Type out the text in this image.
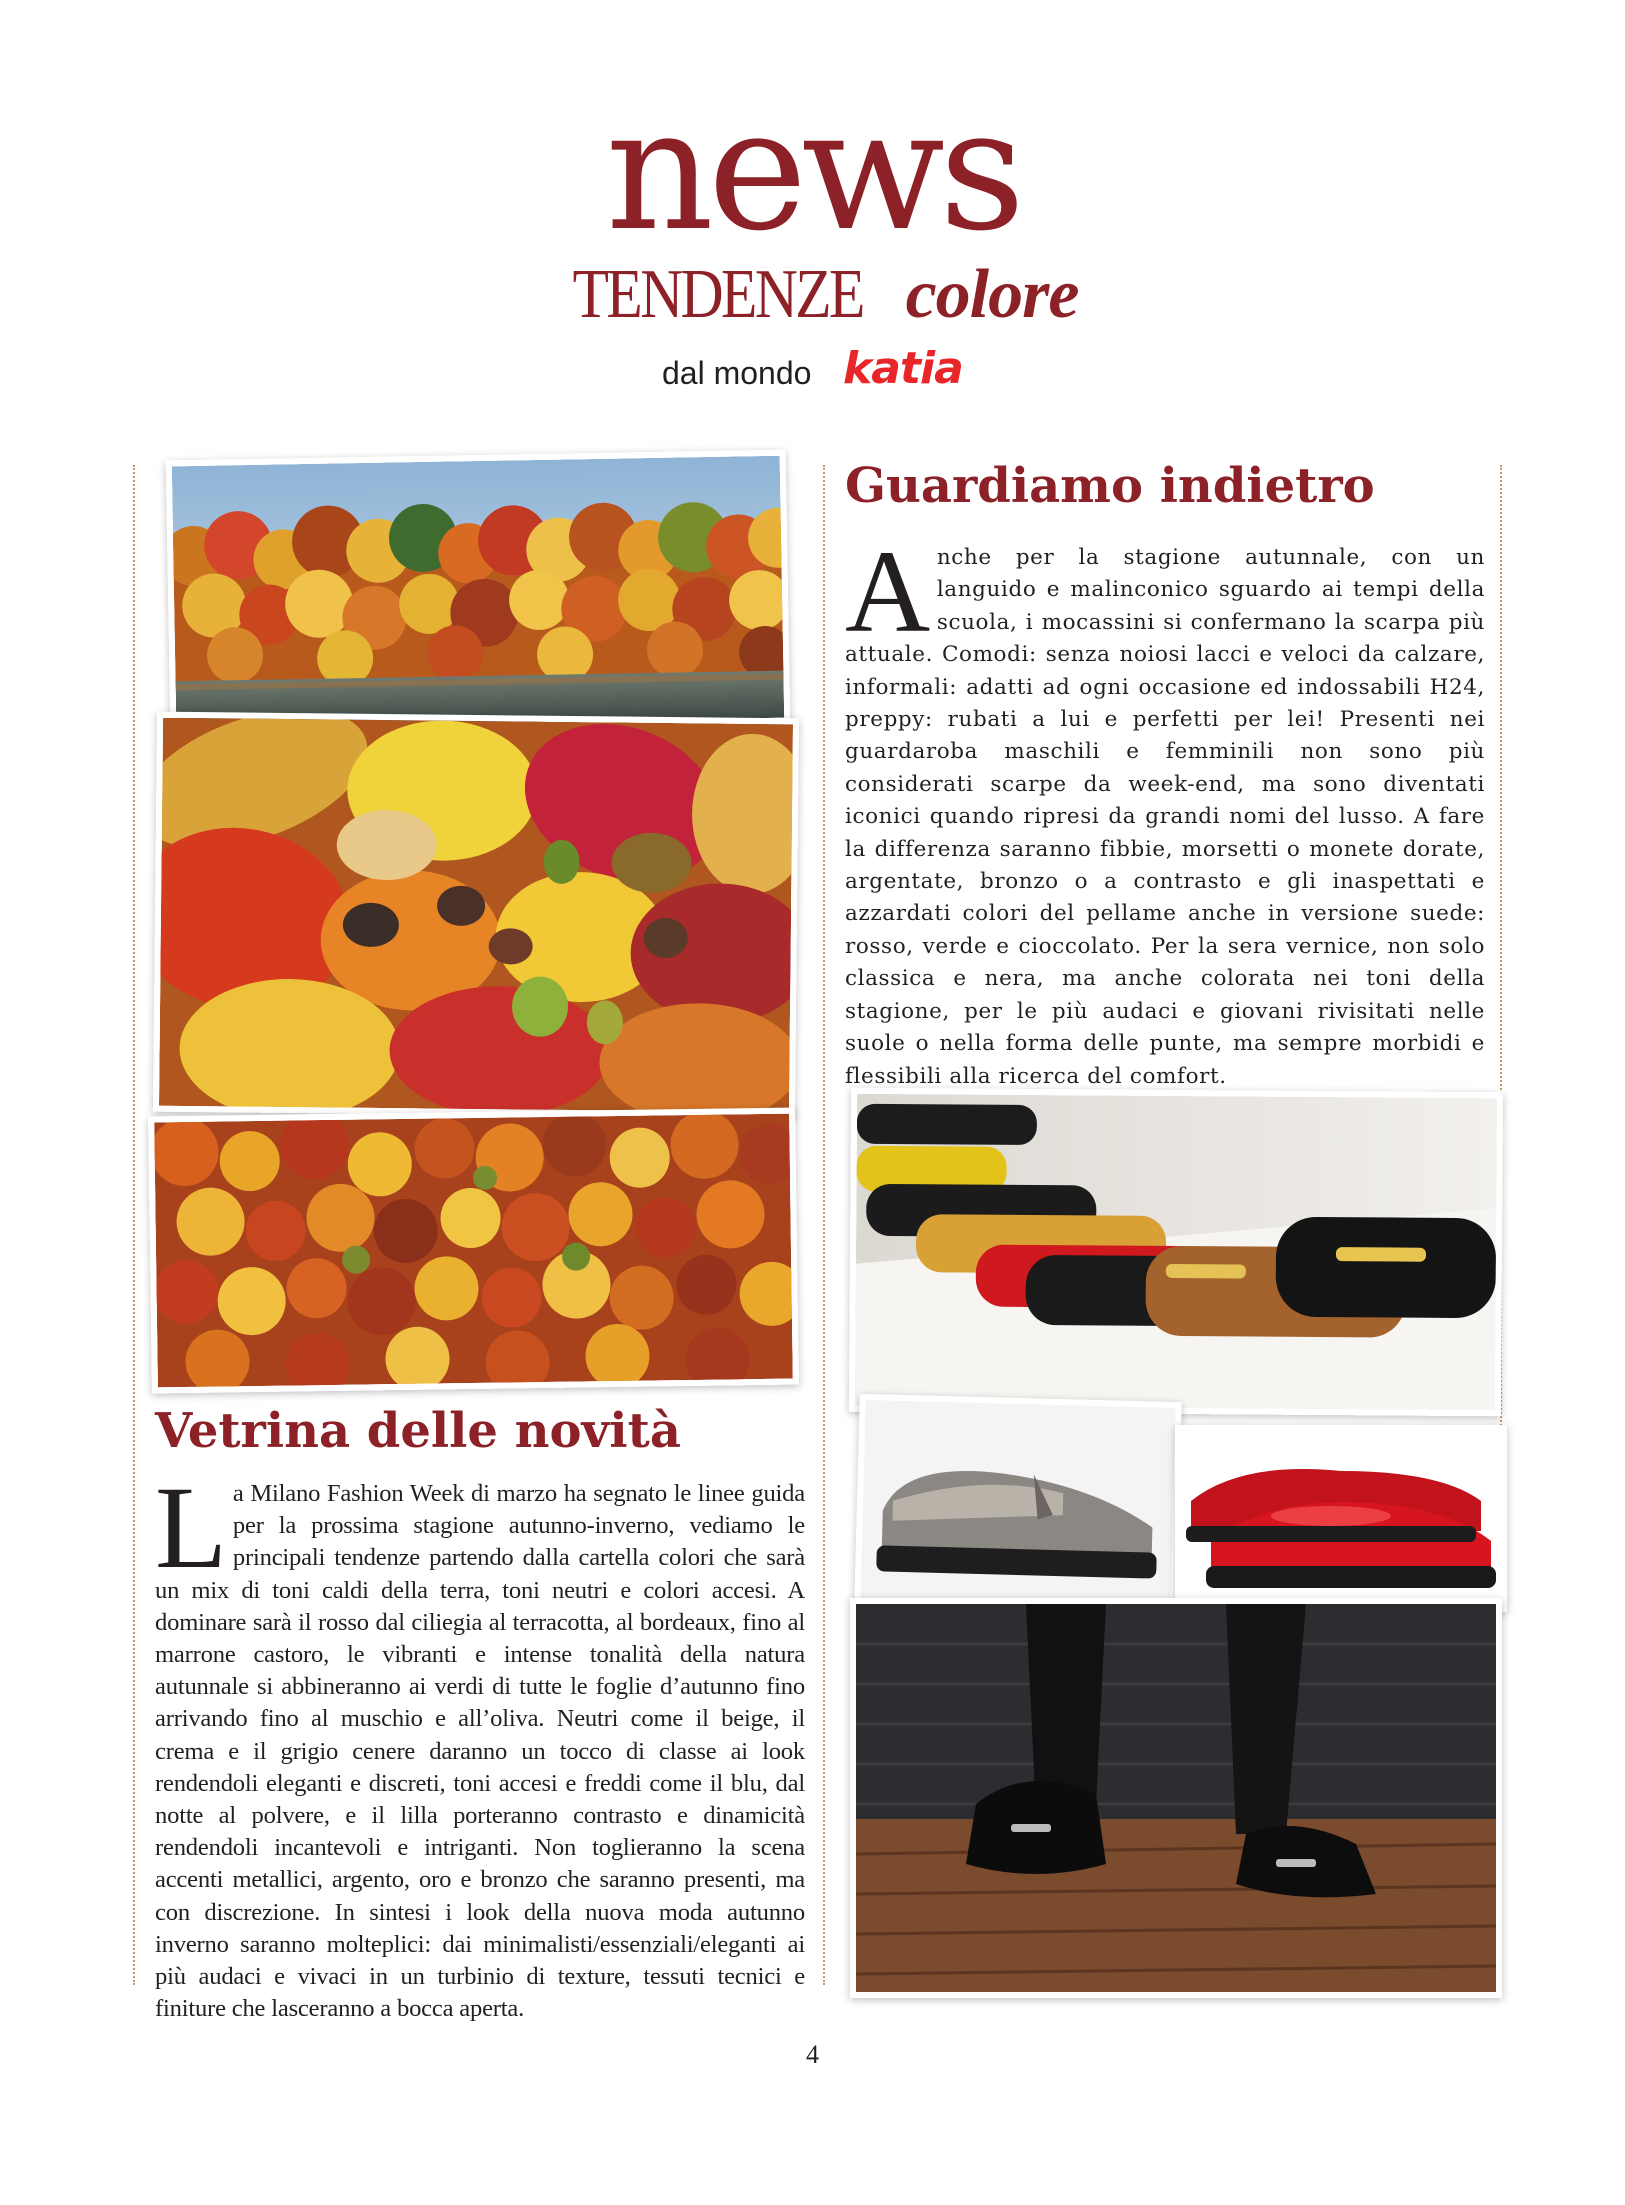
news
TENDENZE colore
dal mondo katia
Guardiamo indietro
Anche per la stagione autunnale, con un languido e malinconico sguardo ai tempi della scuola, i mocassini si confermano la scarpa più attuale. Comodi: senza noiosi lacci e veloci da calzare, informali: adatti ad ogni occasione ed indossabili H24, preppy: rubati a lui e perfetti per lei! Presenti nei guardaroba maschili e femminili non sono più considerati scarpe da week-end, ma sono diventati iconici quando ripresi da grandi nomi del lusso. A fare la differenza saranno fibbie, morsetti o monete dorate, argentate, bronzo o a contrasto e gli inaspettati e azzardati colori del pellame anche in versione suede: rosso, verde e cioccolato. Per la sera vernice, non solo classica e nera, ma anche colorata nei toni della stagione, per le più audaci e giovani rivisitati nelle suole o nella forma delle punte, ma sempre morbidi e flessibili alla ricerca del comfort.
Vetrina delle novità
La Milano Fashion Week di marzo ha segnato le linee guida per la prossima stagione autunno-inverno, vediamo le principali tendenze partendo dalla cartella colori che sarà un mix di toni caldi della terra, toni neutri e colori accesi. A dominare sarà il rosso dal ciliegia al terracotta, al bordeaux, fino al marrone castoro, le vibranti e intense tonalità della natura autunnale si abbineranno ai verdi di tutte le foglie d’autunno fino arrivando fino al muschio e all’oliva. Neutri come il beige, il crema e il grigio cenere daranno un tocco di classe ai look rendendoli eleganti e discreti, toni accesi e freddi come il blu, dal notte al polvere, e il lilla porteranno contrasto e dinamicità rendendoli incantevoli e intriganti. Non toglieranno la scena accenti metallici, argento, oro e bronzo che saranno presenti, ma con discrezione. In sintesi i look della nuova moda autunno inverno saranno molteplici: dai minimalisti/essenziali/eleganti ai più audaci e vivaci in un turbinio di texture, tessuti tecnici e finiture che lasceranno a bocca aperta.
4
